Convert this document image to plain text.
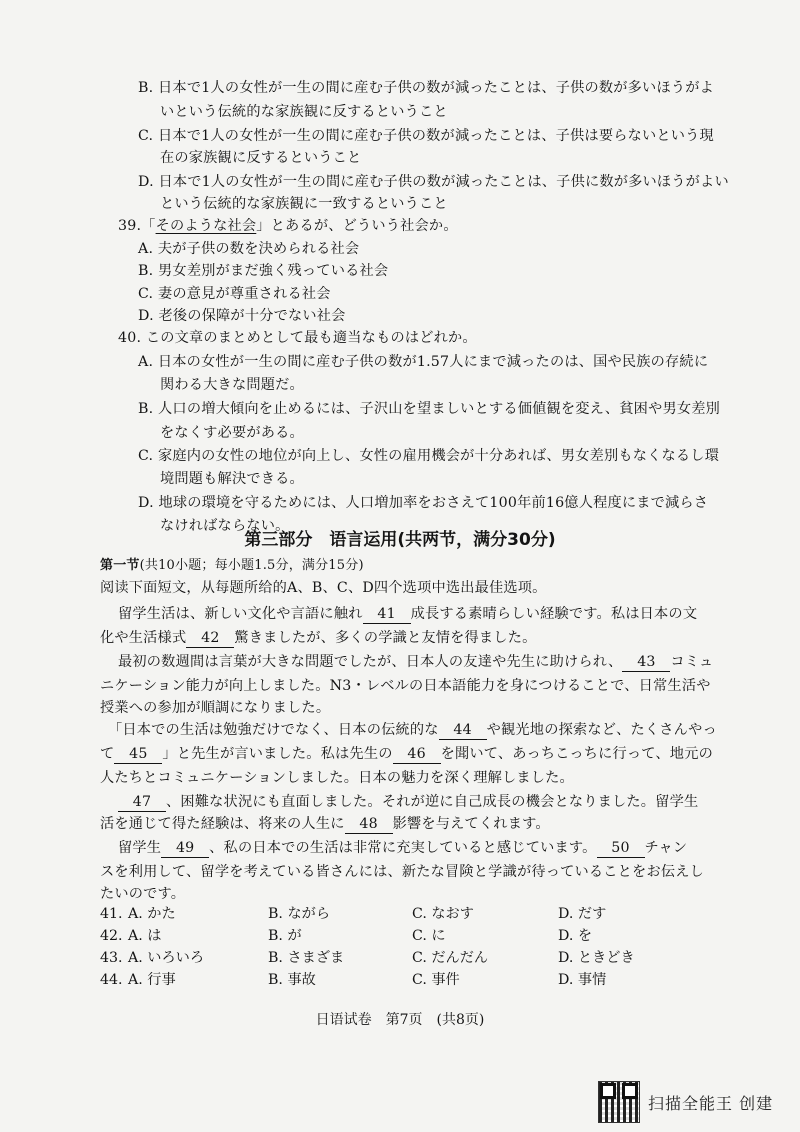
B. 日本で1人の女性が一生の間に産む子供の数が減ったことは、子供の数が多いほうがよ
いという伝統的な家族観に反するということ
C. 日本で1人の女性が一生の間に産む子供の数が減ったことは、子供は要らないという現
在の家族観に反するということ
D. 日本で1人の女性が一生の間に産む子供の数が減ったことは、子供に数が多いほうがよい
という伝統的な家族観に一致するということ
39.「そのような社会」とあるが、どういう社会か。
A. 夫が子供の数を決められる社会
B. 男女差別がまだ強く残っている社会
C. 妻の意見が尊重される社会
D. 老後の保障が十分でない社会
40. この文章のまとめとして最も適当なものはどれか。
A. 日本の女性が一生の間に産む子供の数が1.57人にまで減ったのは、国や民族の存続に
関わる大きな問題だ。
B. 人口の増大傾向を止めるには、子沢山を望ましいとする価値観を変え、貧困や男女差別
をなくす必要がある。
C. 家庭内の女性の地位が向上し、女性の雇用機会が十分あれば、男女差別もなくなるし環
境問題も解決できる。
D. 地球の環境を守るためには、人口増加率をおさえて100年前16億人程度にまで減らさ
なければならない。
第三部分　语言运用(共两节，满分30分)
第一节(共10小题；每小题1.5分，满分15分)
阅读下面短文，从每题所给的A、B、C、D四个选项中选出最佳选项。
留学生活は、新しい文化や言語に触れ 41 成長する素晴らしい経験です。私は日本の文
化や生活様式 42 驚きましたが、多くの学識と友情を得ました。
最初の数週間は言葉が大きな問題でしたが、日本人の友達や先生に助けられ、 43 コミュ
ニケーション能力が向上しました。N3・レベルの日本語能力を身につけることで、日常生活や
授業への参加が順調になりました。
「日本での生活は勉強だけでなく、日本の伝統的な 44 や観光地の探索など、たくさんやっ
て 45 」と先生が言いました。私は先生の 46 を聞いて、あっちこっちに行って、地元の
人たちとコミュニケーションしました。日本の魅力を深く理解しました。
47 、困難な状況にも直面しました。それが逆に自己成長の機会となりました。留学生
活を通じて得た経験は、将来の人生に 48 影響を与えてくれます。
留学生 49 、私の日本での生活は非常に充実していると感じています。 50 チャン
スを利用して、留学を考えている皆さんには、新たな冒険と学識が待っていることをお伝えし
たいのです。
41. A. かた	B. ながら	C. なおす	D. だす
42. A. は	B. が	C. に	D. を
43. A. いろいろ	B. さまざま	C. だんだん	D. ときどき
44. A. 行事	B. 事故	C. 事件	D. 事情
日语试卷　第7页　(共8页)
扫描全能王 创建
